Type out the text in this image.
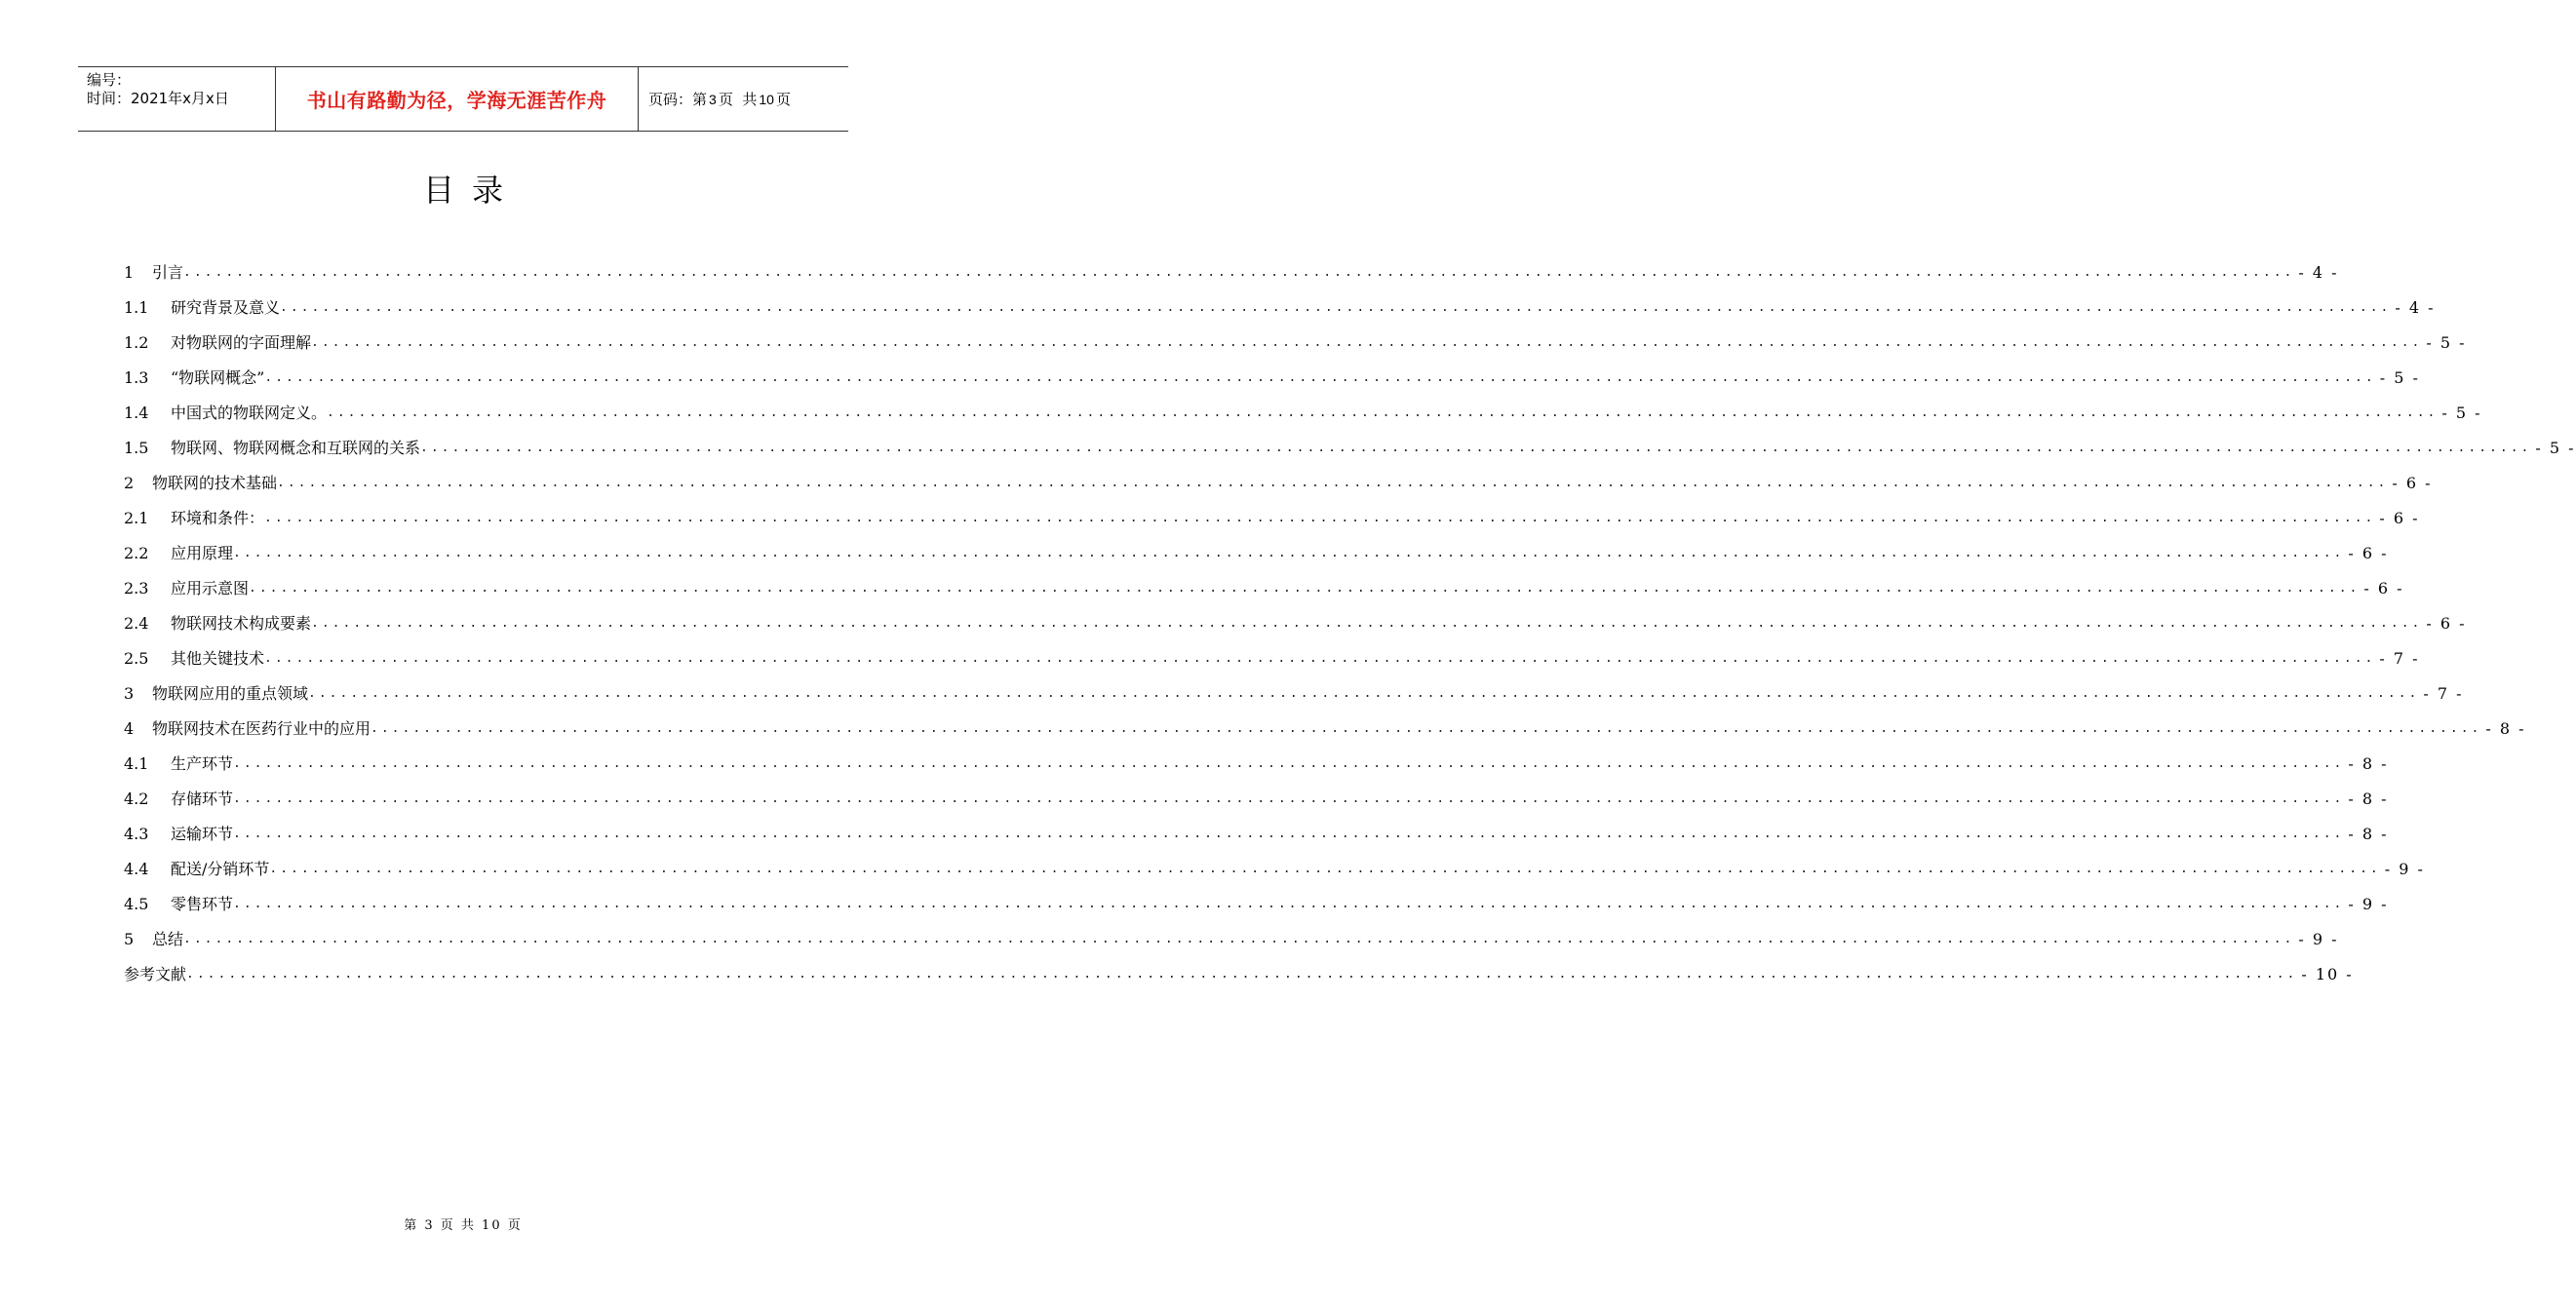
编号：
时间：2021年x月x日	书山有路勤为径，学海无涯苦作舟	页码：第 3 页  共 10 页
目录
1	引言 ........................................................................................................................................................................................................ - 4 -
1.1	研究背景及意义 ........................................................................................................................................................................................................ - 4 -
1.2	对物联网的字面理解 ........................................................................................................................................................................................................ - 5 -
1.3	“物联网概念” ........................................................................................................................................................................................................ - 5 -
1.4	中国式的物联网定义。 ........................................................................................................................................................................................................ - 5 -
1.5	物联网、物联网概念和互联网的关系 ........................................................................................................................................................................................................ - 5 -
2	物联网的技术基础 ........................................................................................................................................................................................................ - 6 -
2.1	环境和条件： ........................................................................................................................................................................................................ - 6 -
2.2	应用原理 ........................................................................................................................................................................................................ - 6 -
2.3	应用示意图 ........................................................................................................................................................................................................ - 6 -
2.4	物联网技术构成要素 ........................................................................................................................................................................................................ - 6 -
2.5	其他关键技术 ........................................................................................................................................................................................................ - 7 -
3	物联网应用的重点领域 ........................................................................................................................................................................................................ - 7 -
4	物联网技术在医药行业中的应用 ........................................................................................................................................................................................................ - 8 -
4.1	生产环节 ........................................................................................................................................................................................................ - 8 -
4.2	存储环节 ........................................................................................................................................................................................................ - 8 -
4.3	运输环节 ........................................................................................................................................................................................................ - 8 -
4.4	配送/分销环节 ........................................................................................................................................................................................................ - 9 -
4.5	零售环节 ........................................................................................................................................................................................................ - 9 -
5	总结 ........................................................................................................................................................................................................ - 9 -
参考文献 ........................................................................................................................................................................................................ - 10 -
第 3 页 共 10 页
